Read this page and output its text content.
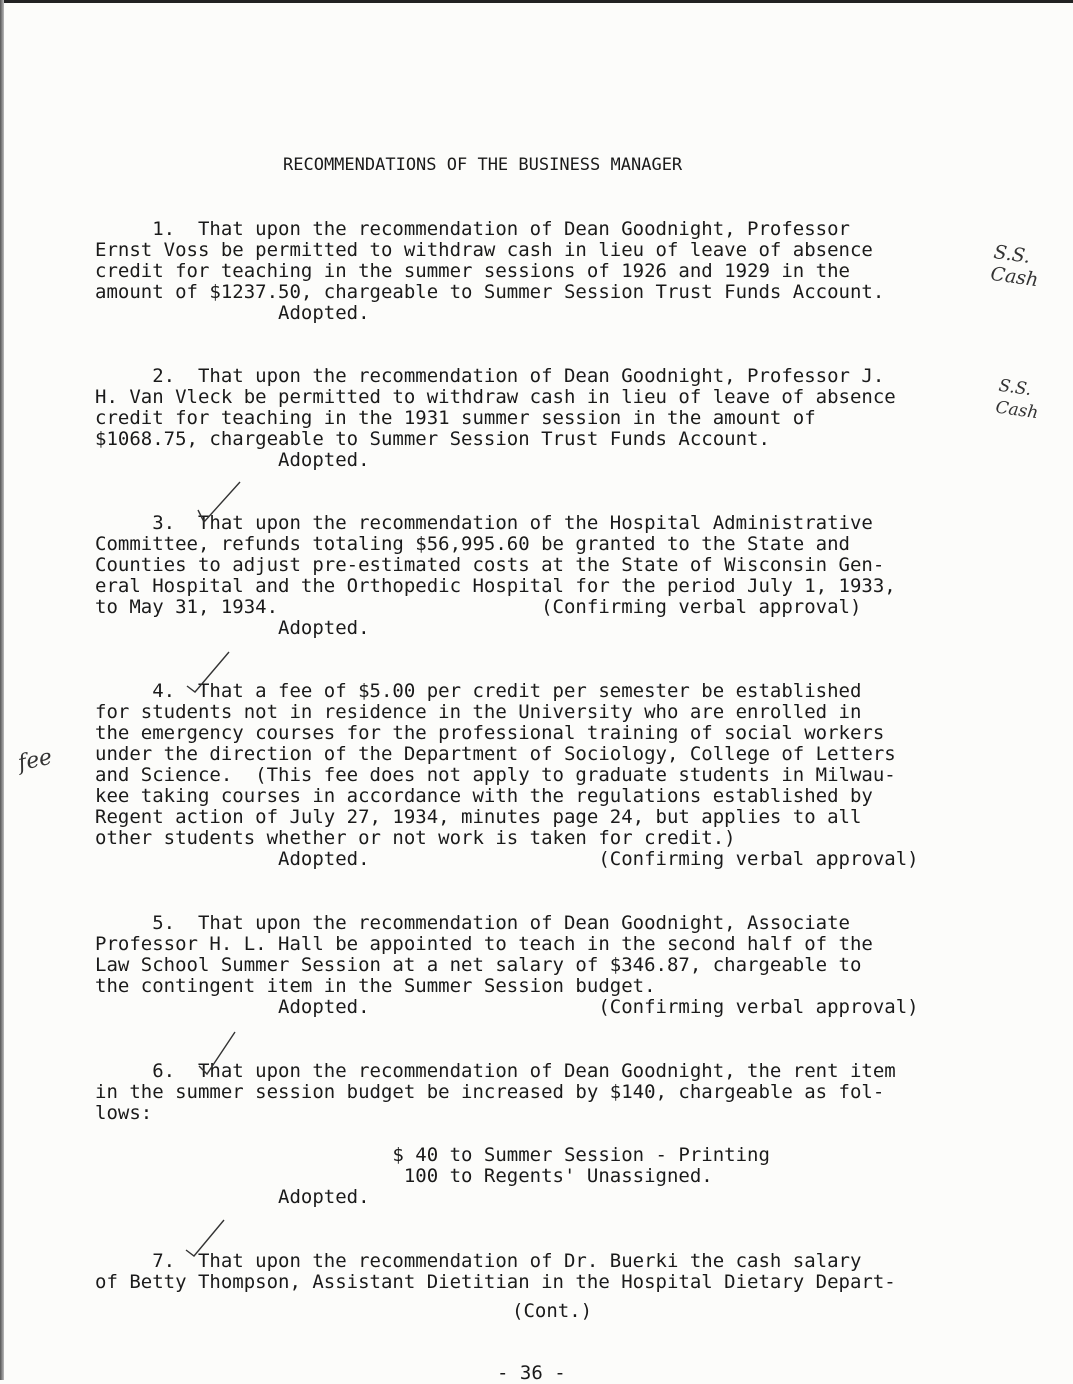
RECOMMENDATIONS OF THE BUSINESS MANAGER
1.  That upon the recommendation of Dean Goodnight, Professor
Ernst Voss be permitted to withdraw cash in lieu of leave of absence
credit for teaching in the summer sessions of 1926 and 1929 in the
amount of $1237.50, chargeable to Summer Session Trust Funds Account.
Adopted.
2.  That upon the recommendation of Dean Goodnight, Professor J.
H. Van Vleck be permitted to withdraw cash in lieu of leave of absence
credit for teaching in the 1931 summer session in the amount of
$1068.75, chargeable to Summer Session Trust Funds Account.
Adopted.
3.  That upon the recommendation of the Hospital Administrative
Committee, refunds totaling $56,995.60 be granted to the State and
Counties to adjust pre-estimated costs at the State of Wisconsin Gen-
eral Hospital and the Orthopedic Hospital for the period July 1, 1933,
to May 31, 1934.                       (Confirming verbal approval)
Adopted.
4.  That a fee of $5.00 per credit per semester be established
for students not in residence in the University who are enrolled in
the emergency courses for the professional training of social workers
under the direction of the Department of Sociology, College of Letters
and Science.  (This fee does not apply to graduate students in Milwau-
kee taking courses in accordance with the regulations established by
Regent action of July 27, 1934, minutes page 24, but applies to all
other students whether or not work is taken for credit.)
Adopted.                    (Confirming verbal approval)
5.  That upon the recommendation of Dean Goodnight, Associate
Professor H. L. Hall be appointed to teach in the second half of the
Law School Summer Session at a net salary of $346.87, chargeable to
the contingent item in the Summer Session budget.
Adopted.                    (Confirming verbal approval)
6.  That upon the recommendation of Dean Goodnight, the rent item
in the summer session budget be increased by $140, chargeable as fol-
lows:
$ 40 to Summer Session - Printing
100 to Regents' Unassigned.
Adopted.
7.  That upon the recommendation of Dr. Buerki the cash salary
of Betty Thompson, Assistant Dietitian in the Hospital Dietary Depart-
(Cont.)
- 36 -
S.S. Cash
S.S. Cash
fee
